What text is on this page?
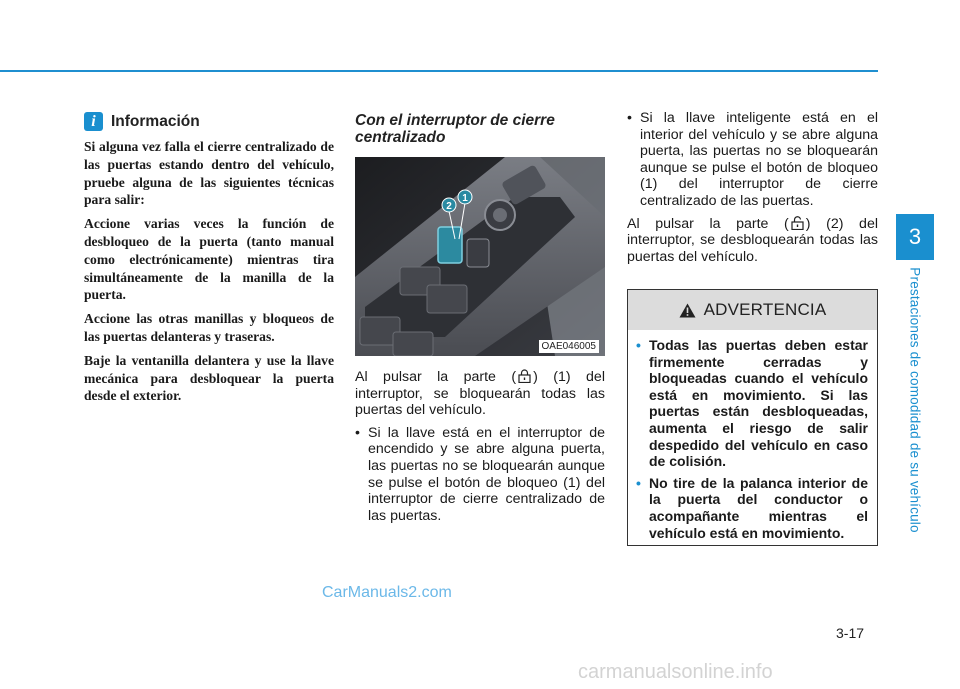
3
Prestaciones de comodidad de su vehículo
3-17
i Información

Si alguna vez falla el cierre centralizado de las puertas estando dentro del vehículo, pruebe alguna de las siguientes técnicas para salir:

Accione varias veces la función de desbloqueo de la puerta (tanto manual como electrónicamente) mientras tira simultáneamente de la manilla de la puerta.

Accione las otras manillas y bloqueos de las puertas delanteras y traseras.

Baje la ventanilla delantera y use la llave mecánica para desbloquear la puerta desde el exterior.

Con el interruptor de cierre centralizado

2
1
OAE046005

Al pulsar la parte ( ) (1) del interruptor, se bloquearán todas las puertas del vehículo.

• Si la llave está en el interruptor de encendido y se abre alguna puerta, las puertas no se bloquearán aunque se pulse el botón de bloqueo (1) del interruptor de cierre centralizado de las puertas.

• Si la llave inteligente está en el interior del vehículo y se abre alguna puerta, las puertas no se bloquearán aunque se pulse el botón de bloqueo (1) del interruptor de cierre centralizado de las puertas.

Al pulsar la parte ( ) (2) del interruptor, se desbloquearán todas las puertas del vehículo.

ADVERTENCIA

• Todas las puertas deben estar firmemente cerradas y bloqueadas cuando el vehículo está en movimiento. Si las puertas están desbloqueadas, aumenta el riesgo de salir despedido del vehículo en caso de colisión.

• No tire de la palanca interior de la puerta del conductor o acompañante mientras el vehículo está en movimiento.

CarManuals2.com
carmanualsonline.info
